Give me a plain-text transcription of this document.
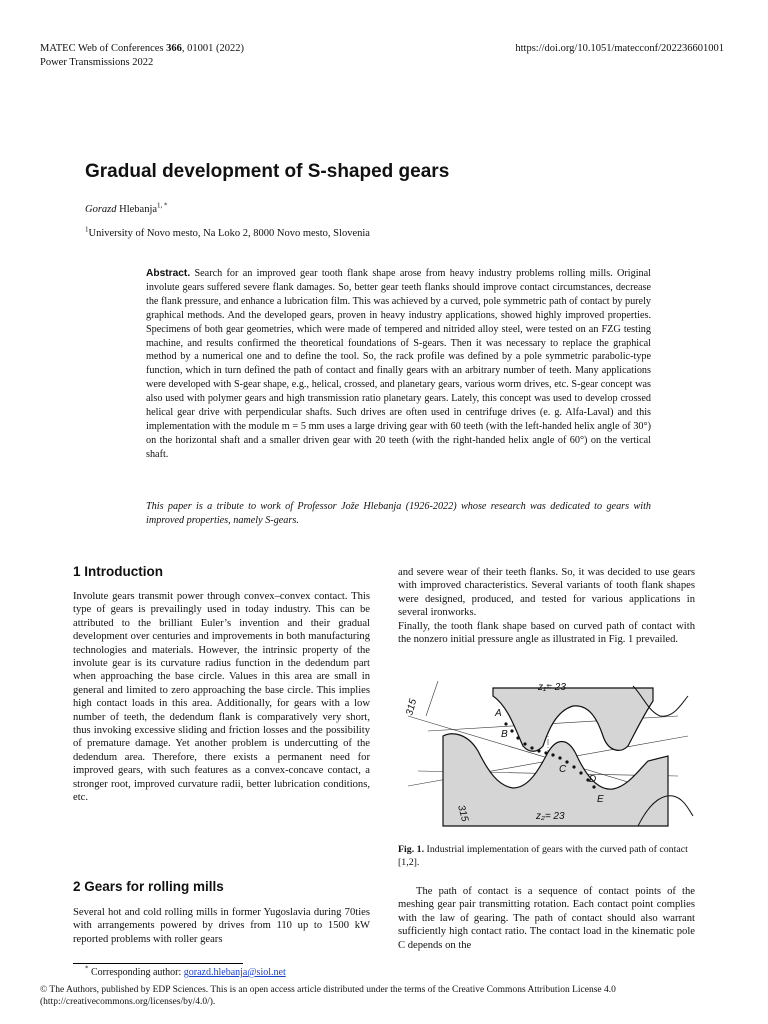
MATEC Web of Conferences 366, 01001 (2022)
Power Transmissions 2022
https://doi.org/10.1051/matecconf/202236601001
Gradual development of S-shaped gears
Gorazd Hlebanja$^{1, *}$
$^1$University of Novo mesto, Na Loko 2, 8000 Novo mesto, Slovenia
Abstract. Search for an improved gear tooth flank shape arose from heavy industry problems rolling mills. Original involute gears suffered severe flank damages. So, better gear teeth flanks should improve contact circumstances, decrease the flank pressure, and enhance a lubrication film. This was achieved by a curved, pole symmetric path of contact by purely graphical methods. And the developed gears, proven in heavy industry applications, showed highly improved properties. Specimens of both gear geometries, which were made of tempered and nitrided alloy steel, were tested on an FZG testing machine, and results confirmed the theoretical foundations of S-gears. Then it was necessary to replace the graphical method by a numerical one and to define the tool. So, the rack profile was defined by a pole symmetric parabolic-type function, which in turn defined the path of contact and finally gears with an arbitrary number of teeth. Many applications were developed with S-gear shape, e.g., helical, crossed, and planetary gears, various worm drives, etc. S-gear concept was also used with polymer gears and high transmission ratio planetary gears. Lately, this concept was used to develop crossed helical gear drive with perpendicular shafts. Such drives are often used in centrifuge drives (e. g. Alfa-Laval) and this implementation with the module m = 5 mm uses a large driving gear with 60 teeth (with the left-handed helix angle of 30°) on the horizontal shaft and a smaller driven gear with 20 teeth (with the right-handed helix angle of 60°) on the vertical shaft.
This paper is a tribute to work of Professor Jože Hlebanja (1926-2022) whose research was dedicated to gears with improved properties, namely S-gears.
1 Introduction

Involute gears transmit power through convex–convex contact. This type of gears is prevailingly used in today industry. This can be attributed to the brilliant Euler’s invention and their gradual development over centuries and improvements in both manufacturing technologies and materials. However, the intrinsic property of the involute gear is its curvature radius function in the dedendum part when approaching the base circle. Values in this area are small in general and limited to zero approaching the base circle. This implies high contact loads in this area. Additionally, for gears with a low number of teeth, the dedendum flank is comparatively very short, thus invoking excessive sliding and friction losses and the possibility of premature damage. Yet another problem is undercutting of the dedendum area. Therefore, there exists a permanent need for improved gears, with such features as a convex-concave contact, a stronger root, improved curvature radii, better lubrication conditions, etc.

2 Gears for rolling mills

Several hot and cold rolling mills in former Yugoslavia during 70ties with arrangements powered by drives from 110 up to 1500 kW reported problems with roller gears

and severe wear of their teeth flanks. So, it was decided to use gears with improved characteristics. Several variants of tooth flank shapes were designed, produced, and tested for various applications in several ironworks.

Finally, the tooth flank shape based on curved path of contact with the nonzero initial pressure angle as illustrated in Fig. 1 prevailed.

z₁= 23
z₂= 23
A
B
C
D
E
315
315
Fig. 1. Industrial implementation of gears with the curved path of contact [1,2].

The path of contact is a sequence of contact points of the meshing gear pair transmitting rotation. Each contact point complies with the law of gearing. The path of contact should also warrant sufficiently high contact ratio. The contact load in the kinematic pole C depends on the

* Corresponding author: gorazd.hlebanja@siol.net
© The Authors, published by EDP Sciences. This is an open access article distributed under the terms of the Creative Commons Attribution License 4.0
(http://creativecommons.org/licenses/by/4.0/).
